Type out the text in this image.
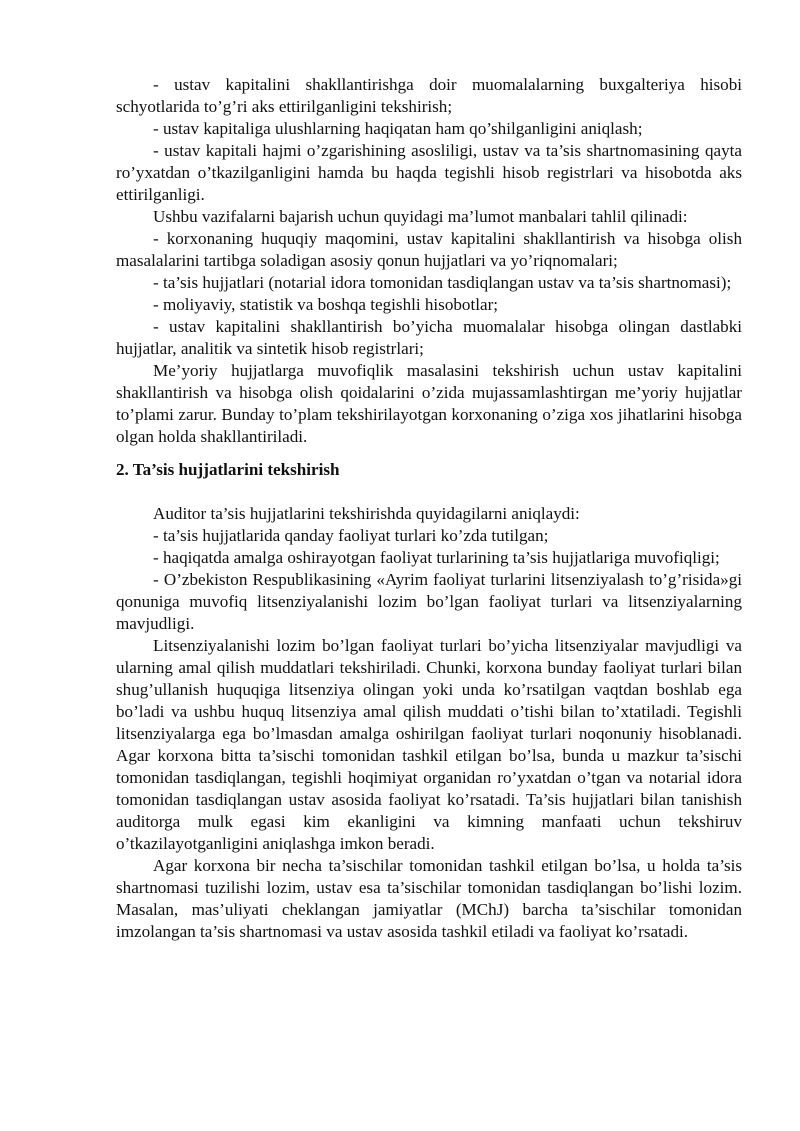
- ustav kapitalini shakllantirishga doir muomalalarning buxgalteriya hisobi schyotlarida to’g’ri aks ettirilganligini tekshirish;

- ustav kapitaliga ulushlarning haqiqatan ham qo’shilganligini aniqlash;

- ustav kapitali hajmi o’zgarishining asosliligi, ustav va ta’sis shartnomasining qayta ro’yxatdan o’tkazilganligini hamda bu haqda tegishli hisob registrlari va hisobotda aks ettirilganligi.

Ushbu vazifalarni bajarish uchun quyidagi ma’lumot manbalari tahlil qilinadi:

- korxonaning huquqiy maqomini, ustav kapitalini shakllantirish va hisobga olish masalalarini tartibga soladigan asosiy qonun hujjatlari va yo’riqnomalari;

- ta’sis hujjatlari (notarial idora tomonidan tasdiqlangan ustav va ta’sis shartnomasi);

- moliyaviy, statistik va boshqa tegishli hisobotlar;

- ustav kapitalini shakllantirish bo’yicha muomalalar hisobga olingan dastlabki hujjatlar, analitik va sintetik hisob registrlari;

Me’yoriy hujjatlarga muvofiqlik masalasini tekshirish uchun ustav kapitalini shakllantirish va hisobga olish qoidalarini o’zida mujassamlashtirgan me’yoriy hujjatlar to’plami zarur. Bunday to’plam tekshirilayotgan korxonaning o’ziga xos jihatlarini hisobga olgan holda shakllantiriladi.

2. Ta’sis hujjatlarini tekshirish

Auditor ta’sis hujjatlarini tekshirishda quyidagilarni aniqlaydi:

- ta’sis hujjatlarida qanday faoliyat turlari ko’zda tutilgan;

- haqiqatda amalga oshirayotgan faoliyat turlarining ta’sis hujjatlariga muvofiqligi;

- O’zbekiston Respublikasining «Ayrim faoliyat turlarini litsenziyalash to’g’risida»gi qonuniga muvofiq litsenziyalanishi lozim bo’lgan faoliyat turlari va litsenziyalarning mavjudligi.

Litsenziyalanishi lozim bo’lgan faoliyat turlari bo’yicha litsenziyalar mavjudligi va ularning amal qilish muddatlari tekshiriladi. Chunki, korxona bunday faoliyat turlari bilan shug’ullanish huquqiga litsenziya olingan yoki unda ko’rsatilgan vaqtdan boshlab ega bo’ladi va ushbu huquq litsenziya amal qilish muddati o’tishi bilan to’xtatiladi. Tegishli litsenziyalarga ega bo’lmasdan amalga oshirilgan faoliyat turlari noqonuniy hisoblanadi. Agar korxona bitta ta’sischi tomonidan tashkil etilgan bo’lsa, bunda u mazkur ta’sischi tomonidan tasdiqlangan, tegishli hoqimiyat organidan ro’yxatdan o’tgan va notarial idora tomonidan tasdiqlangan ustav asosida faoliyat ko’rsatadi. Ta’sis hujjatlari bilan tanishish auditorga mulk egasi kim ekanligini va kimning manfaati uchun tekshiruv o’tkazilayotganligini aniqlashga imkon beradi.

Agar korxona bir necha ta’sischilar tomonidan tashkil etilgan bo’lsa, u holda ta’sis shartnomasi tuzilishi lozim, ustav esa ta’sischilar tomonidan tasdiqlangan bo’lishi lozim. Masalan, mas’uliyati cheklangan jamiyatlar (MChJ) barcha ta’sischilar tomonidan imzolangan ta’sis shartnomasi va ustav asosida tashkil etiladi va faoliyat ko’rsatadi.
